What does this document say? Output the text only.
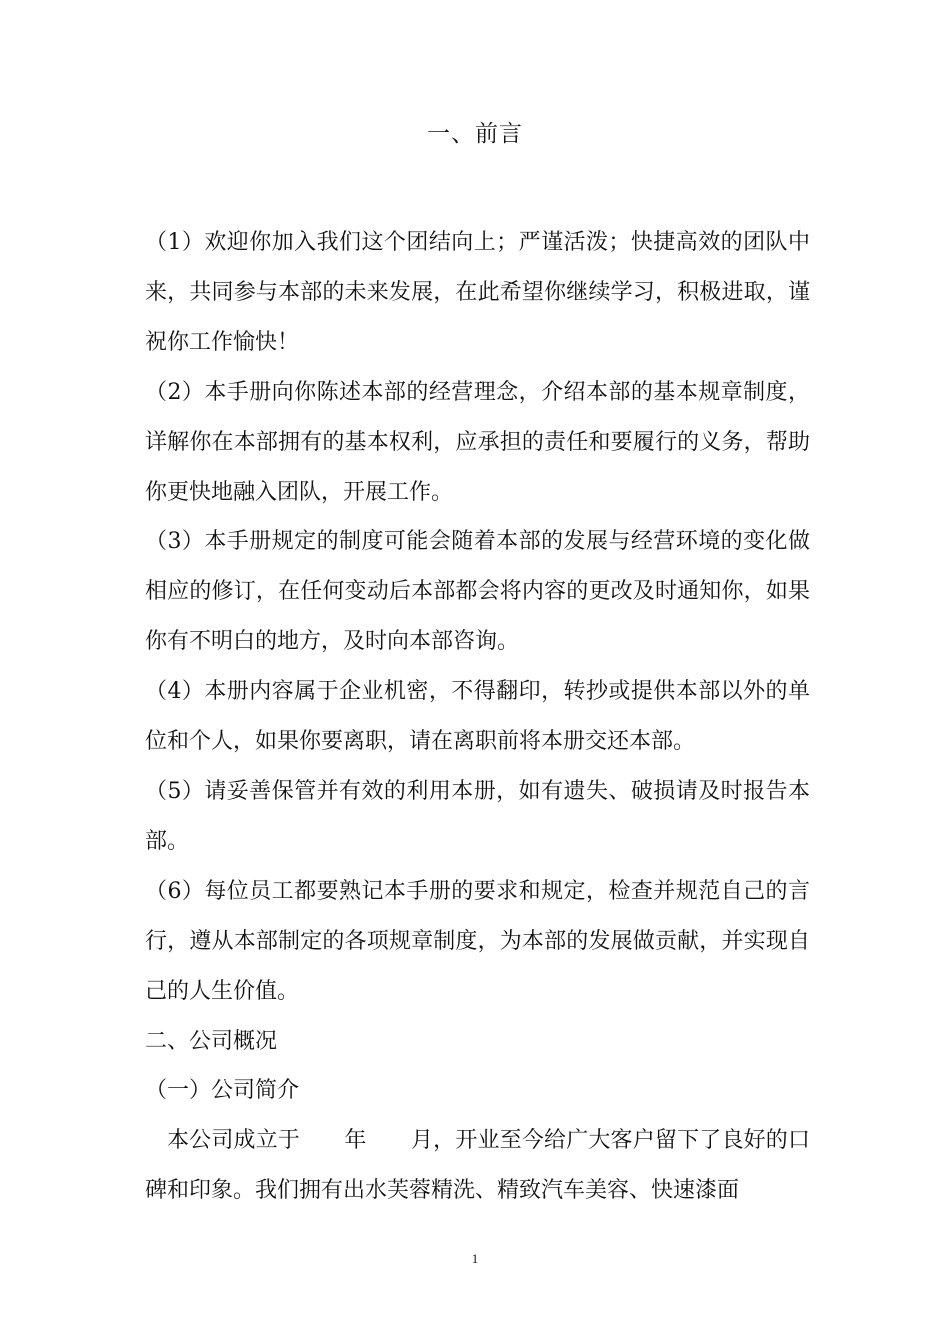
一、前言

（1）欢迎你加入我们这个团结向上；严谨活泼；快捷高效的团队中来，共同参与本部的未来发展，在此希望你继续学习，积极进取，谨祝你工作愉快！

（2）本手册向你陈述本部的经营理念，介绍本部的基本规章制度，详解你在本部拥有的基本权利，应承担的责任和要履行的义务，帮助你更快地融入团队，开展工作。

（3）本手册规定的制度可能会随着本部的发展与经营环境的变化做相应的修订，在任何变动后本部都会将内容的更改及时通知你，如果你有不明白的地方，及时向本部咨询。

（4）本册内容属于企业机密，不得翻印，转抄或提供本部以外的单位和个人，如果你要离职，请在离职前将本册交还本部。

（5）请妥善保管并有效的利用本册，如有遗失、破损请及时报告本部。

（6）每位员工都要熟记本手册的要求和规定，检查并规范自己的言行，遵从本部制定的各项规章制度，为本部的发展做贡献，并实现自己的人生价值。

二、公司概况

（一）公司简介

本公司成立于　　年　　月，开业至今给广大客户留下了良好的口碑和印象。我们拥有出水芙蓉精洗、精致汽车美容、快速漆面

1
